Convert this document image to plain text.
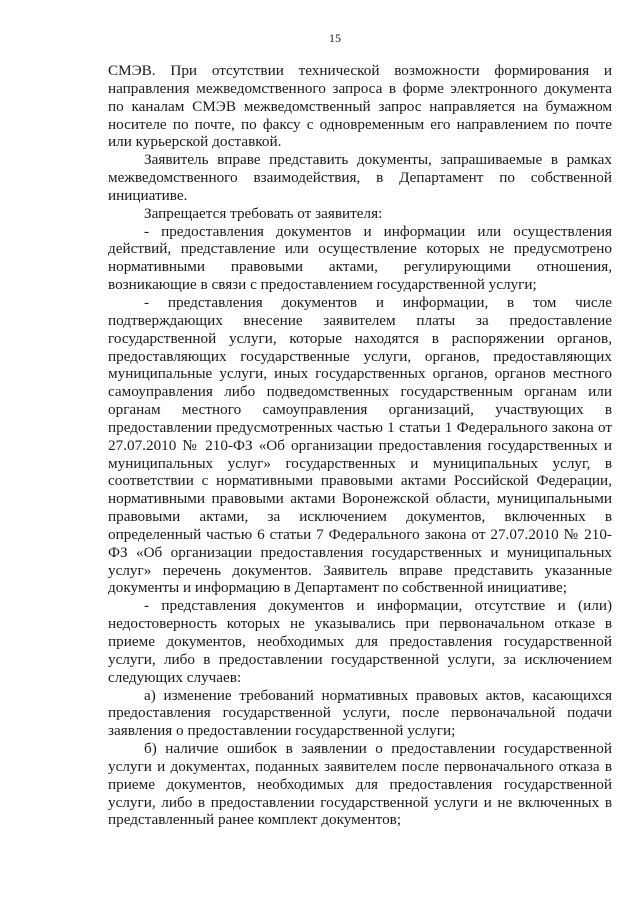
15

СМЭВ. При отсутствии технической возможности формирования и направления межведомственного запроса в форме электронного документа по каналам СМЭВ межведомственный запрос направляется на бумажном носителе по почте, по факсу с одновременным его направлением по почте или курьерской доставкой.

Заявитель вправе представить документы, запрашиваемые в рамках межведомственного взаимодействия, в Департамент по собственной инициативе.

Запрещается требовать от заявителя:

- предоставления документов и информации или осуществления действий, представление или осуществление которых не предусмотрено нормативными правовыми актами, регулирующими отношения, возникающие в связи с предоставлением государственной услуги;

- представления документов и информации, в том числе подтверждающих внесение заявителем платы за предоставление государственной услуги, которые находятся в распоряжении органов, предоставляющих государственные услуги, органов, предоставляющих муниципальные услуги, иных государственных органов, органов местного самоуправления либо подведомственных государственным органам или органам местного самоуправления организаций, участвующих в предоставлении предусмотренных частью 1 статьи 1 Федерального закона от 27.07.2010 № 210-ФЗ «Об организации предоставления государственных и муниципальных услуг» государственных и муниципальных услуг, в соответствии с нормативными правовыми актами Российской Федерации, нормативными правовыми актами Воронежской области, муниципальными правовыми актами, за исключением документов, включенных в определенный частью 6 статьи 7 Федерального закона от 27.07.2010 № 210-ФЗ «Об организации предоставления государственных и муниципальных услуг» перечень документов. Заявитель вправе представить указанные документы и информацию в Департамент по собственной инициативе;

- представления документов и информации, отсутствие и (или) недостоверность которых не указывались при первоначальном отказе в приеме документов, необходимых для предоставления государственной услуги, либо в предоставлении государственной услуги, за исключением следующих случаев:

а) изменение требований нормативных правовых актов, касающихся предоставления государственной услуги, после первоначальной подачи заявления о предоставлении государственной услуги;

б) наличие ошибок в заявлении о предоставлении государственной услуги и документах, поданных заявителем после первоначального отказа в приеме документов, необходимых для предоставления государственной услуги, либо в предоставлении государственной услуги и не включенных в представленный ранее комплект документов;
